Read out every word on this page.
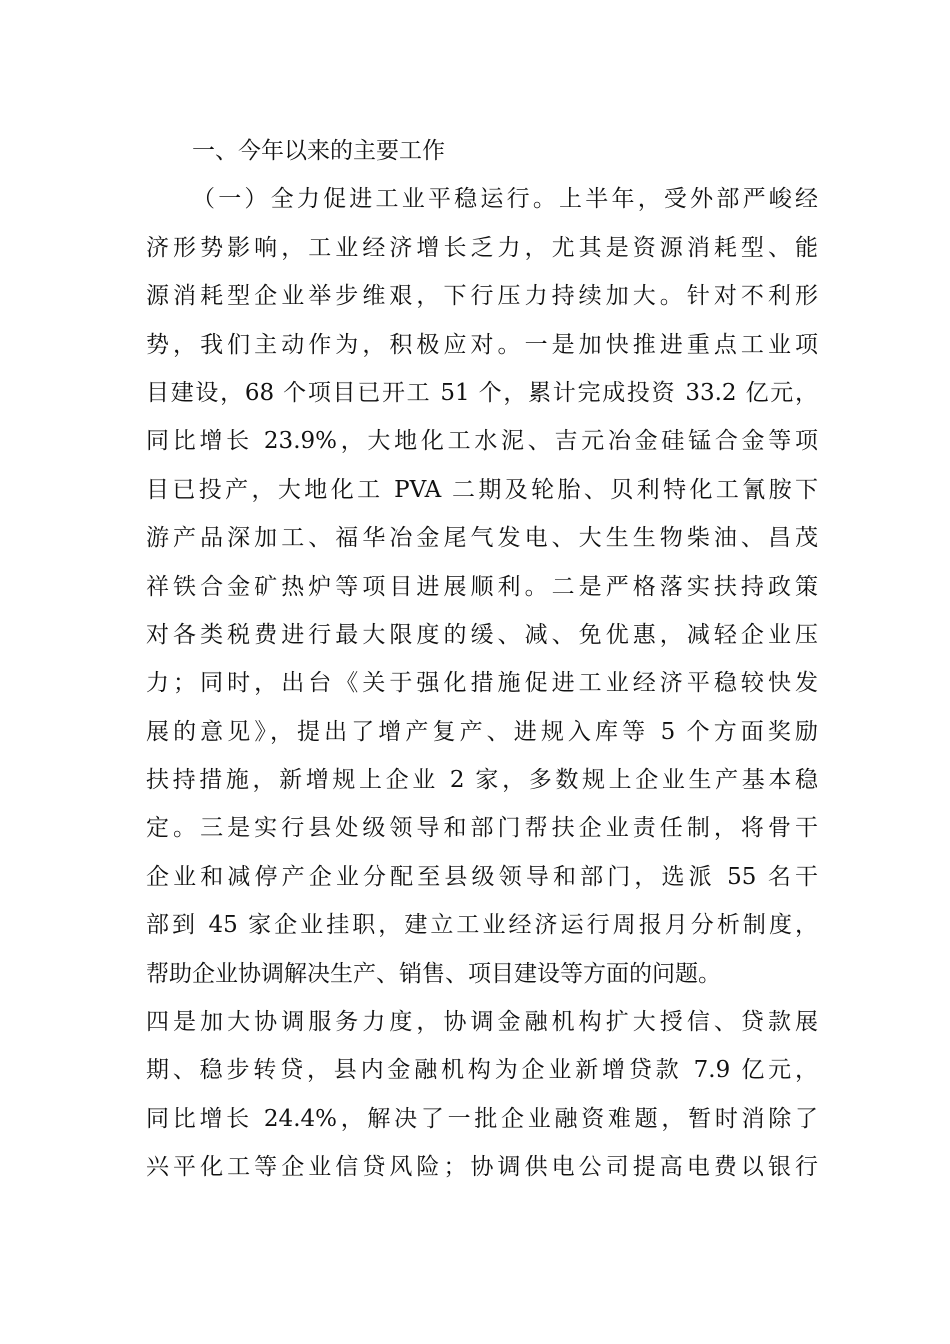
一、今年以来的主要工作
（一）全力促进工业平稳运行。上半年，受外部严峻经
济形势影响，工业经济增长乏力，尤其是资源消耗型、能
源消耗型企业举步维艰，下行压力持续加大。针对不利形
势，我们主动作为，积极应对。一是加快推进重点工业项
目建设，68 个项目已开工 51 个，累计完成投资 33.2 亿元，
同比增长 23.9%，大地化工水泥、吉元冶金硅锰合金等项
目已投产，大地化工 PVA 二期及轮胎、贝利特化工氰胺下
游产品深加工、福华冶金尾气发电、大生生物柴油、昌茂
祥铁合金矿热炉等项目进展顺利。二是严格落实扶持政策
对各类税费进行最大限度的缓、减、免优惠，减轻企业压
力；同时，出台《关于强化措施促进工业经济平稳较快发
展的意见》，提出了增产复产、进规入库等 5 个方面奖励
扶持措施，新增规上企业 2 家，多数规上企业生产基本稳
定。三是实行县处级领导和部门帮扶企业责任制，将骨干
企业和减停产企业分配至县级领导和部门，选派 55 名干
部到 45 家企业挂职，建立工业经济运行周报月分析制度，
帮助企业协调解决生产、销售、项目建设等方面的问题。
四是加大协调服务力度，协调金融机构扩大授信、贷款展
期、稳步转贷，县内金融机构为企业新增贷款 7.9 亿元，
同比增长 24.4%，解决了一批企业融资难题，暂时消除了
兴平化工等企业信贷风险；协调供电公司提高电费以银行
